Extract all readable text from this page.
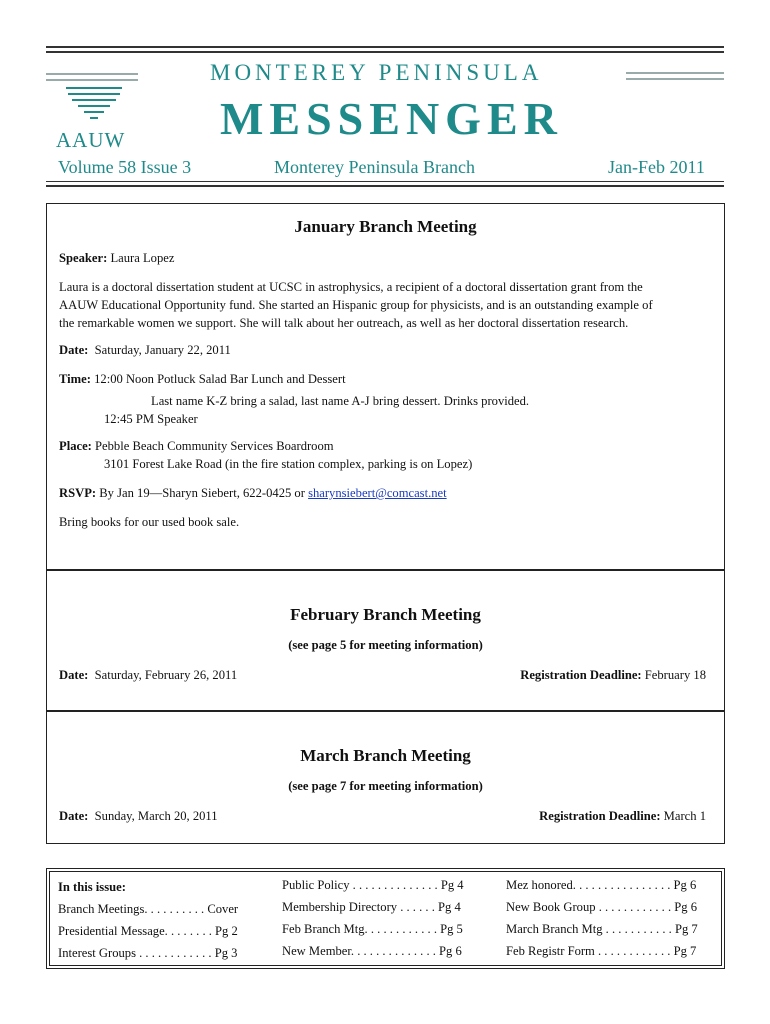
AAUW
MONTEREY PENINSULA
MESSENGER
Volume 58 Issue 3	Monterey Peninsula Branch	Jan-Feb 2011
January Branch Meeting
Speaker: Laura Lopez
Laura is a doctoral dissertation student at UCSC in astrophysics, a recipient of a doctoral dissertation grant from the
AAUW Educational Opportunity fund. She started an Hispanic group for physicists, and is an outstanding example of
the remarkable women we support. She will talk about her outreach, as well as her doctoral dissertation research.
Date: Saturday, January 22, 2011
Time: 12:00 Noon Potluck Salad Bar Lunch and Dessert
Last name K-Z bring a salad, last name A-J bring dessert. Drinks provided.
12:45 PM Speaker
Place: Pebble Beach Community Services Boardroom
3101 Forest Lake Road (in the fire station complex, parking is on Lopez)
RSVP: By Jan 19—Sharyn Siebert, 622-0425 or sharynsiebert@comcast.net
Bring books for our used book sale.
February Branch Meeting
(see page 5 for meeting information)
Date: Saturday, February 26, 2011	Registration Deadline: February 18
March Branch Meeting
(see page 7 for meeting information)
Date: Sunday, March 20, 2011	Registration Deadline: March 1
In this issue:
Branch Meetings. . . . . . . . . . Cover
Presidential Message. . . . . . . . Pg 2
Interest Groups . . . . . . . . . . . . Pg 3
Public Policy . . . . . . . . . . . . . . Pg 4
Membership Directory . . . . . . Pg 4
Feb Branch Mtg. . . . . . . . . . . . Pg 5
New Member. . . . . . . . . . . . . . Pg 6
Mez honored. . . . . . . . . . . . . . . . Pg 6
New Book Group . . . . . . . . . . . . Pg 6
March Branch Mtg . . . . . . . . . . . Pg 7
Feb Registr Form . . . . . . . . . . . . Pg 7
